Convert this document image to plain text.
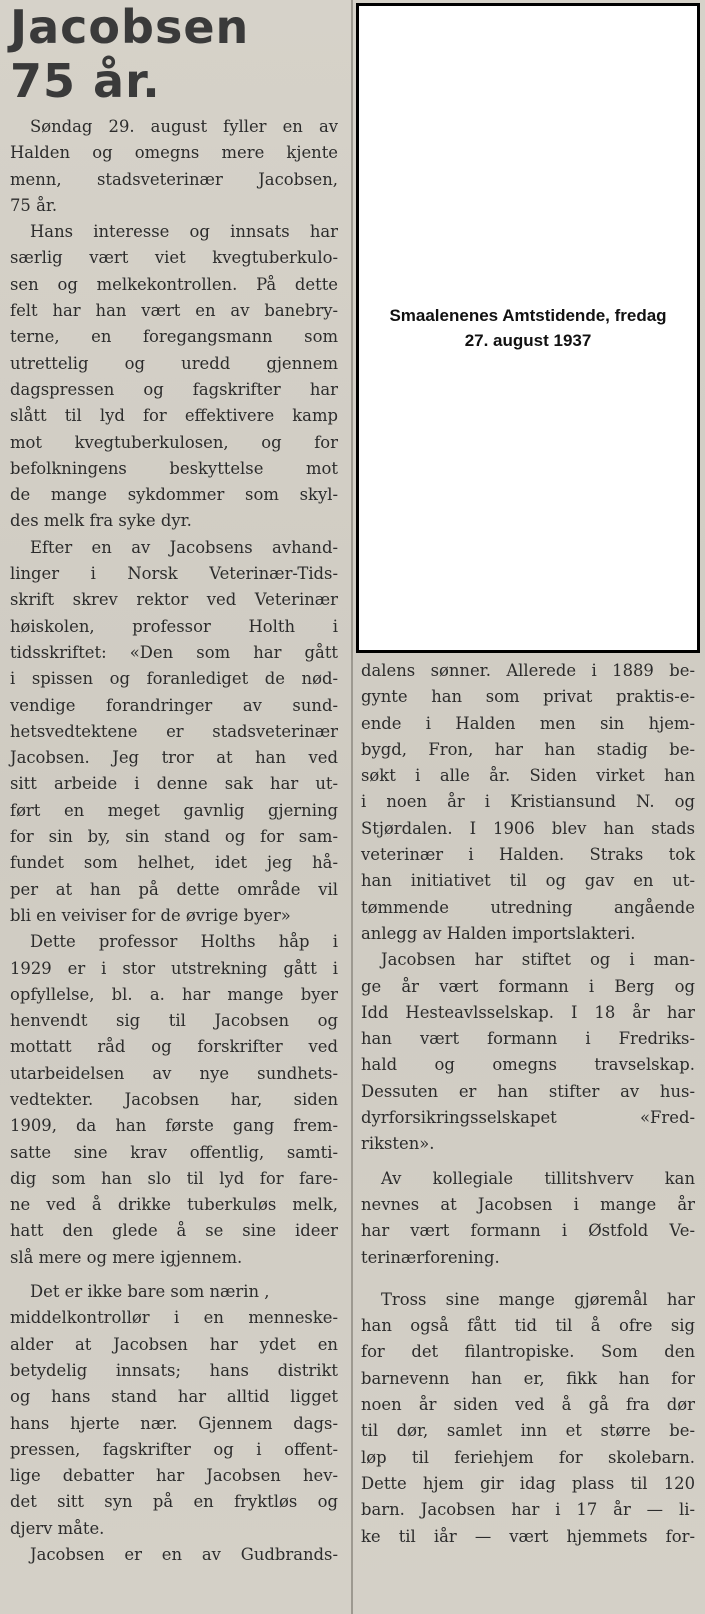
Jacobsen
75 år.
Søndag 29. august fyller en av
Halden og omegns mere kjente
menn, stadsveterinær Jacobsen,
75 år.
Hans interesse og innsats har
særlig vært viet kvegtuberkulo-
sen og melkekontrollen. På dette
felt har han vært en av banebry-
terne, en foregangsmann som
utrettelig og uredd gjennem
dagspressen og fagskrifter har
slått til lyd for effektivere kamp
mot kvegtuberkulosen, og for
befolkningens beskyttelse mot
de mange sykdommer som skyl-
des melk fra syke dyr.
Efter en av Jacobsens avhand-
linger i Norsk Veterinær-Tids-
skrift skrev rektor ved Veterinær
høiskolen, professor Holth i
tidsskriftet: «Den som har gått
i spissen og foranlediget de nød-
vendige forandringer av sund-
hetsvedtektene er stadsveterinær
Jacobsen. Jeg tror at han ved
sitt arbeide i denne sak har ut-
ført en meget gavnlig gjerning
for sin by, sin stand og for sam-
fundet som helhet, idet jeg hå-
per at han på dette område vil
bli en veiviser for de øvrige byer»
Dette professor Holths håp i
1929 er i stor utstrekning gått i
opfyllelse, bl. a. har mange byer
henvendt sig til Jacobsen og
mottatt råd og forskrifter ved
utarbeidelsen av nye sundhets-
vedtekter. Jacobsen har, siden
1909, da han første gang frem-
satte sine krav offentlig, samti-
dig som han slo til lyd for fare-
ne ved å drikke tuberkuløs melk,
hatt den glede å se sine ideer
slå mere og mere igjennem.
Det er ikke bare som nærin ,
middelkontrollør i en menneske-
alder at Jacobsen har ydet en
betydelig innsats; hans distrikt
og hans stand har alltid ligget
hans hjerte nær. Gjennem dags-
pressen, fagskrifter og i offent-
lige debatter har Jacobsen hev-
det sitt syn på en fryktløs og
djerv måte.
Jacobsen er en av Gudbrands-
dalens sønner. Allerede i 1889 be-
gynte han som privat praktis-e-
ende i Halden men sin hjem-
bygd, Fron, har han stadig be-
søkt i alle år. Siden virket han
i noen år i Kristiansund N. og
Stjørdalen. I 1906 blev han stads
veterinær i Halden. Straks tok
han initiativet til og gav en ut-
tømmende utredning angående
anlegg av Halden importslakteri.
Jacobsen har stiftet og i man-
ge år vært formann i Berg og
Idd Hesteavlsselskap. I 18 år har
han vært formann i Fredriks-
hald og omegns travselskap.
Dessuten er han stifter av hus-
dyrforsikringsselskapet «Fred-
riksten».
Av kollegiale tillitshverv kan
nevnes at Jacobsen i mange år
har vært formann i Østfold Ve-
terinærforening.
Tross sine mange gjøremål har
han også fått tid til å ofre sig
for det filantropiske. Som den
barnevenn han er, fikk han for
noen år siden ved å gå fra dør
til dør, samlet inn et større be-
løp til feriehjem for skolebarn.
Dette hjem gir idag plass til 120
barn. Jacobsen har i 17 år — li-
ke til iår — vært hjemmets for-
Smaalenenes Amtstidende, fredag
27. august 1937
